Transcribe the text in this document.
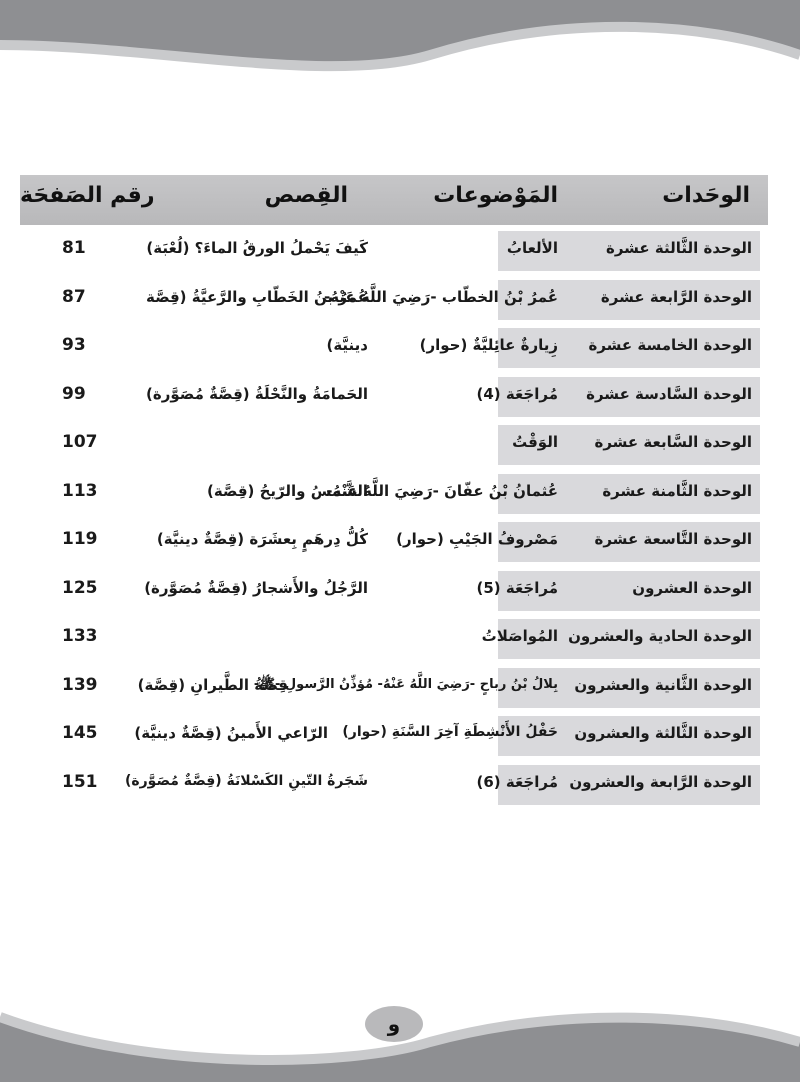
الوحَدات
المَوْضوعات
القِصص
رقم الصَفحَة
الوحدة الثَّالثة عشرة
الألعابُ
كَيفَ يَحْملُ الورقُ الماءَ؟ (لُعْبَة)
81
الوحدة الرَّابعة عشرة
عُمرُ بْنُ الخطّاب -رَضِيَ اللَّهُ عَنْهُ-
عُمرُ بنُ الخَطّابِ والرَّعيَّةُ (قِصَّة
87
الوحدة الخامسة عشرة
زِيارةٌ عائِليَّةٌ (حوار)
دينيَّة)
93
الوحدة السَّادسة عشرة
مُراجَعَة (4)
الحَمامَةُ والنَّحْلَةُ (قِصَّةٌ مُصَوَّرة)
99
الوحدة السَّابعة عشرة
الوَقْتُ
107
الوحدة الثَّامنة عشرة
عُثمانُ بْنُ عفّانَ -رَضِيَ اللَّهُ عَنْهُ-
الشَّمسُ والرّيحُ (قِصَّة)
113
الوحدة التَّاسعة عشرة
مَصْروفُ الجَيْبِ (حوار)
كُلُّ دِرهَمٍ بِعشَرَة (قِصَّةٌ دينيَّة)
119
الوحدة العشرون
مُراجَعَة (5)
الرَّجُلُ والأَشجارُ (قِصَّةٌ مُصَوَّرة)
125
الوحدة الحادية والعشرون
المُواصَلاتُ
133
الوحدة الثَّانية والعشرون
بِلالُ بْنُ رباحٍ -رَضِيَ اللَّهُ عَنْهُ- مُؤذِّنُ الرَّسولِ -ﷺ-
قِصَّةُ الطَّيرانِ (قِصَّة)
139
الوحدة الثَّالثة والعشرون
حَفْلُ الأَنْشِطَةِ آخِرَ السَّنَةِ (حوار)
الرّاعي الأَمينُ (قِصَّةٌ دينيَّة)
145
الوحدة الرَّابعة والعشرون
مُراجَعَة (6)
شَجَرةُ التّينِ الكَسْلانَةُ (قِصَّةٌ مُصَوَّرة)
151
و
